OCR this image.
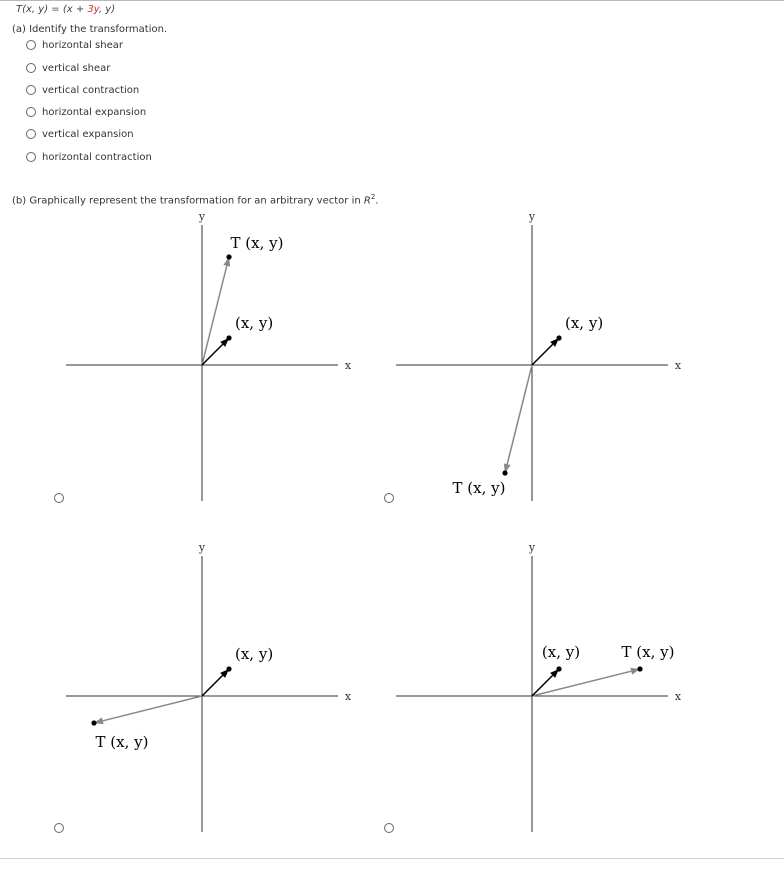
T(x, y) = (x + 3y, y)
(a) Identify the transformation.
horizontal shear
vertical shear
vertical contraction
horizontal expansion
vertical expansion
horizontal contraction
(b) Graphically represent the transformation for an arbitrary vector in $R^2$.
x
y
(x, y)
T (x, y)
x
y
(x, y)
T (x, y)
x
y
(x, y)
T (x, y)
x
y
(x, y)	T (x, y)
